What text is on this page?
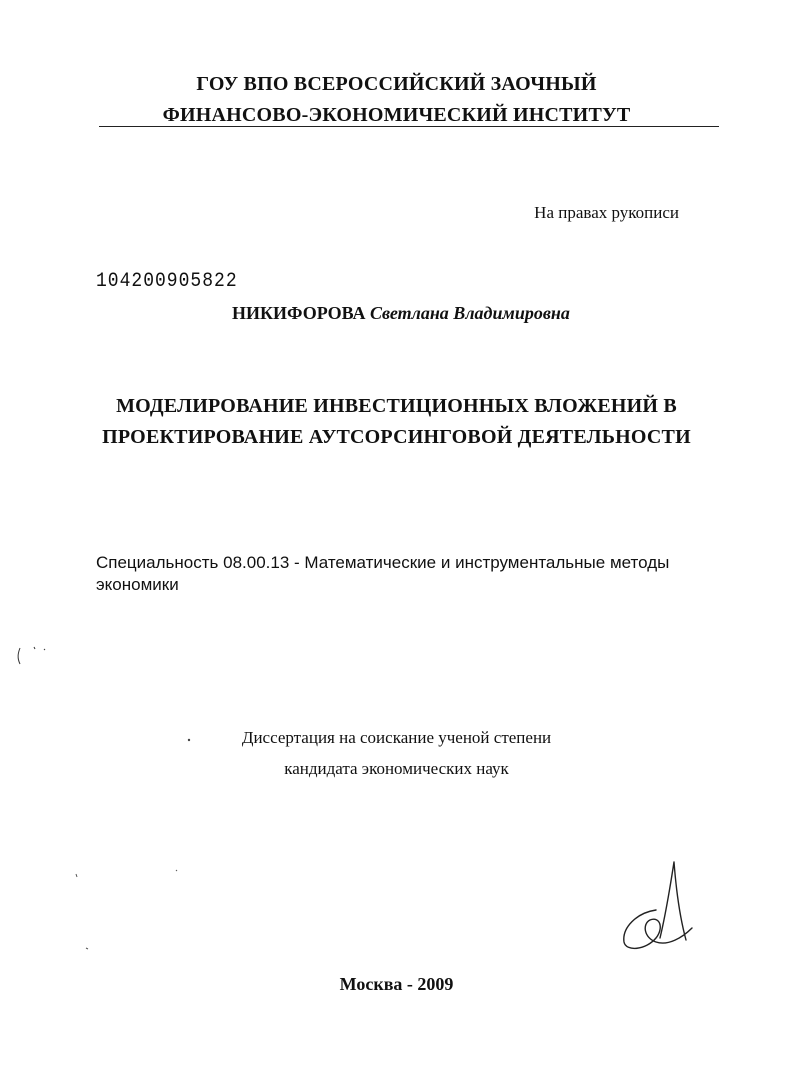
ГОУ ВПО ВСЕРОССИЙСКИЙ ЗАОЧНЫЙ
ФИНАНСОВО-ЭКОНОМИЧЕСКИЙ ИНСТИТУТ
На правах рукописи
104200905822
НИКИФОРОВА Светлана Владимировна
МОДЕЛИРОВАНИЕ ИНВЕСТИЦИОННЫХ ВЛОЖЕНИЙ В
ПРОЕКТИРОВАНИЕ АУТСОРСИНГОВОЙ ДЕЯТЕЛЬНОСТИ
Специальность 08.00.13 - Математические и инструментальные методы экономики
Диссертация на соискание ученой степени
кандидата экономических наук
Москва - 2009
